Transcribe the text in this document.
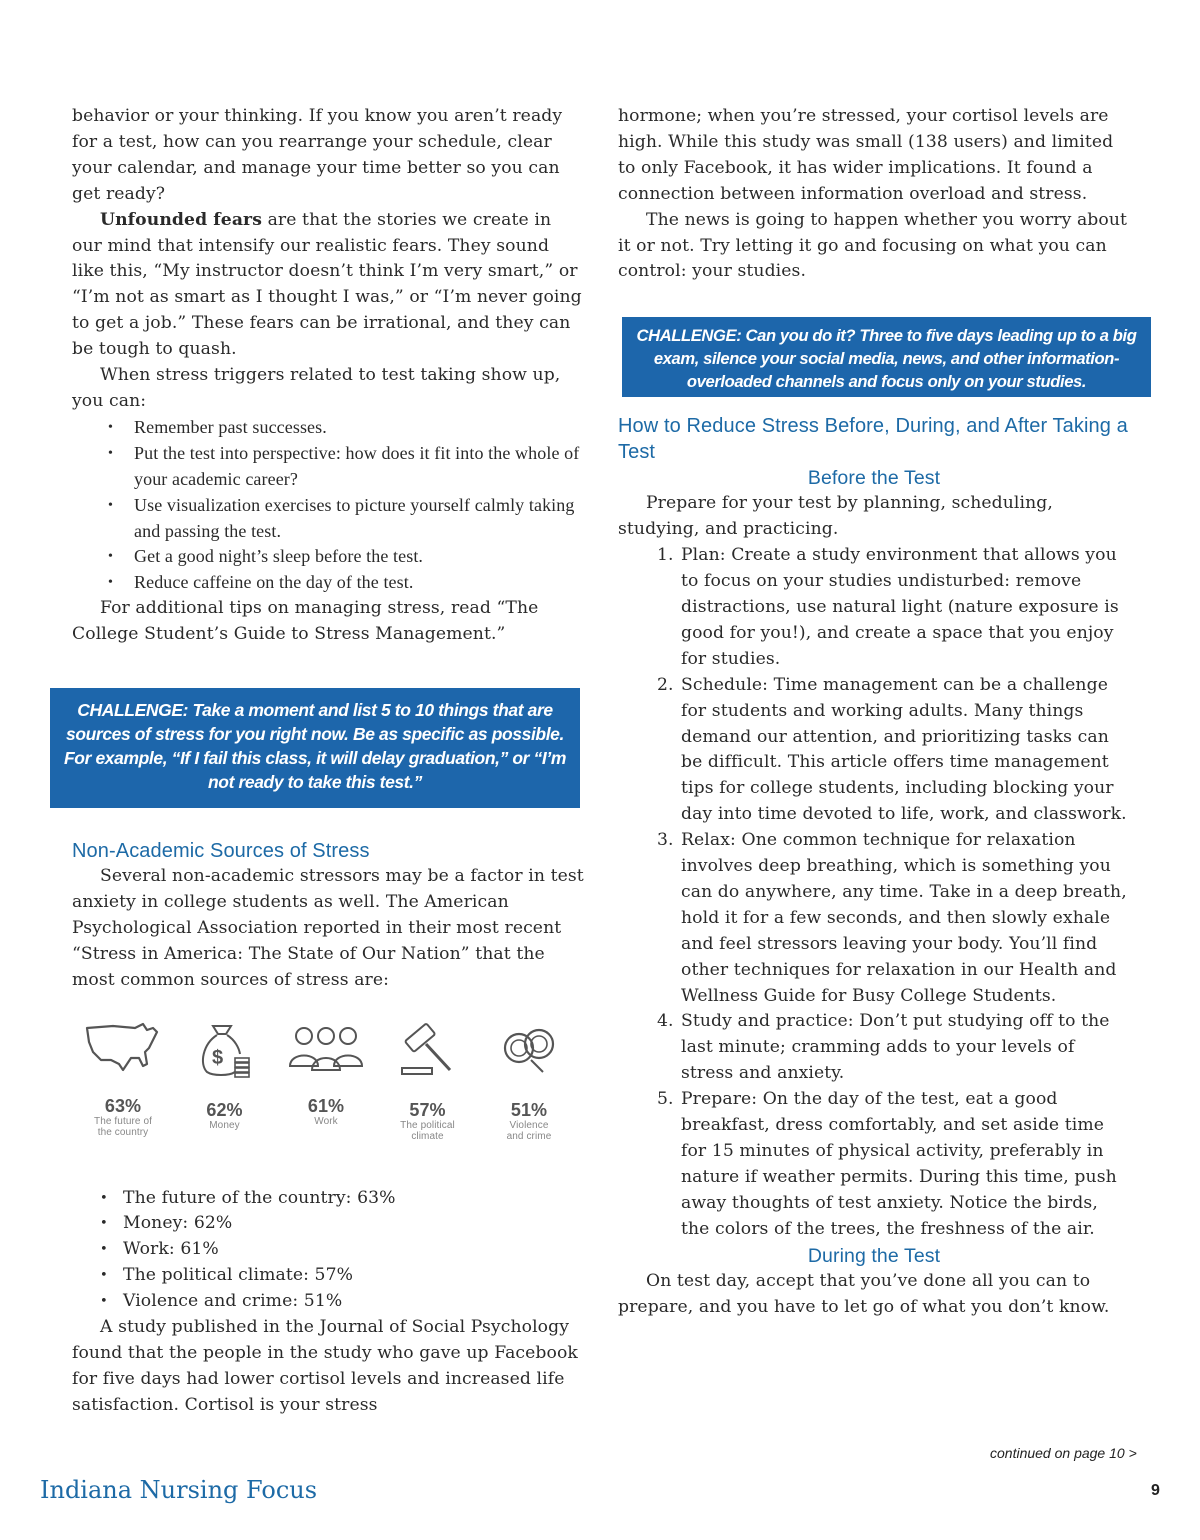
behavior or your thinking. If you know you aren’t ready for a test, how can you rearrange your schedule, clear your calendar, and manage your time better so you can get ready?

Unfounded fears are that the stories we create in our mind that intensify our realistic fears. They sound like this, “My instructor doesn’t think I’m very smart,” or “I’m not as smart as I thought I was,” or “I’m never going to get a job.” These fears can be irrational, and they can be tough to quash.

When stress triggers related to test taking show up, you can:

• Remember past successes.
• Put the test into perspective: how does it fit into the whole of your academic career?
• Use visualization exercises to picture yourself calmly taking and passing the test.
• Get a good night’s sleep before the test.
• Reduce caffeine on the day of the test.

For additional tips on managing stress, read “The College Student’s Guide to Stress Management.”

CHALLENGE: Take a moment and list 5 to 10 things that are sources of stress for you right now. Be as specific as possible. For example, “If I fail this class, it will delay graduation,” or “I’m not ready to take this test.”
Non-Academic Sources of Stress

Several non-academic stressors may be a factor in test anxiety in college students as well. The American Psychological Association reported in their most recent “Stress in America: The State of Our Nation” that the most common sources of stress are:

63%
The future of
the country
$
62%
Money
61%
Work
57%
The political
climate
51%
Violence
and crime
• The future of the country: 63%
• Money: 62%
• Work: 61%
• The political climate: 57%
• Violence and crime: 51%

A study published in the Journal of Social Psychology found that the people in the study who gave up Facebook for five days had lower cortisol levels and increased life satisfaction. Cortisol is your stress

hormone; when you’re stressed, your cortisol levels are high. While this study was small (138 users) and limited to only Facebook, it has wider implications. It found a connection between information overload and stress.

The news is going to happen whether you worry about it or not. Try letting it go and focusing on what you can control: your studies.

CHALLENGE: Can you do it? Three to five days leading up to a big exam, silence your social media, news, and other information-overloaded channels and focus only on your studies.
How to Reduce Stress Before, During, and After Taking a Test
Before the Test

Prepare for your test by planning, scheduling, studying, and practicing.

1. Plan: Create a study environment that allows you to focus on your studies undisturbed: remove distractions, use natural light (nature exposure is good for you!), and create a space that you enjoy for studies.
2. Schedule: Time management can be a challenge for students and working adults. Many things demand our attention, and prioritizing tasks can be difficult. This article offers time management tips for college students, including blocking your day into time devoted to life, work, and classwork.
3. Relax: One common technique for relaxation involves deep breathing, which is something you can do anywhere, any time. Take in a deep breath, hold it for a few seconds, and then slowly exhale and feel stressors leaving your body. You’ll find other techniques for relaxation in our Health and Wellness Guide for Busy College Students.
4. Study and practice: Don’t put studying off to the last minute; cramming adds to your levels of stress and anxiety.
5. Prepare: On the day of the test, eat a good breakfast, dress comfortably, and set aside time for 15 minutes of physical activity, preferably in nature if weather permits. During this time, push away thoughts of test anxiety. Notice the birds, the colors of the trees, the freshness of the air.
During the Test

On test day, accept that you’ve done all you can to prepare, and you have to let go of what you don’t know.

continued on page 10 >
Indiana Nursing Focus	9
